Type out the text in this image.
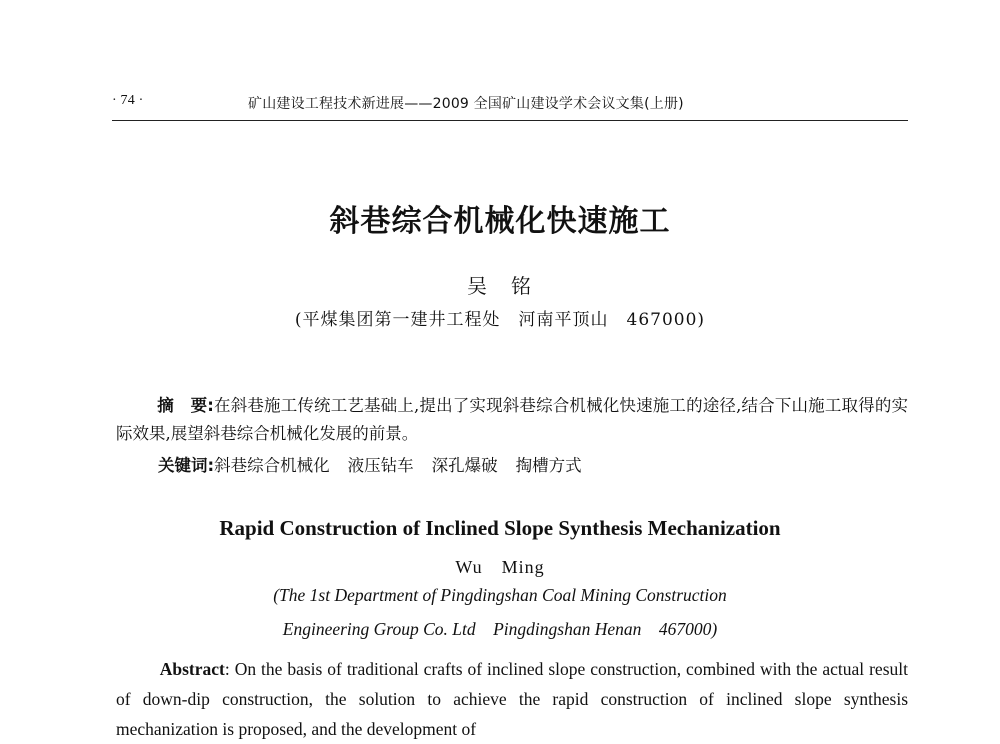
· 74 ·	矿山建设工程技术新进展——2009 全国矿山建设学术会议文集(上册)
斜巷综合机械化快速施工
吴　铭
(平煤集团第一建井工程处　河南平顶山　467000)
摘　要:在斜巷施工传统工艺基础上,提出了实现斜巷综合机械化快速施工的途径,结合下山施工取得的实际效果,展望斜巷综合机械化发展的前景。
关键词:斜巷综合机械化 液压钻车 深孔爆破 掏槽方式
Rapid Construction of Inclined Slope Synthesis Mechanization
Wu　Ming
(The 1st Department of Pingdingshan Coal Mining Construction
Engineering Group Co. Ltd　Pingdingshan Henan　467000)
Abstract: On the basis of traditional crafts of inclined slope construction, combined with the actual result of down-dip construction, the solution to achieve the rapid construction of inclined slope synthesis mechanization is proposed, and the development of
